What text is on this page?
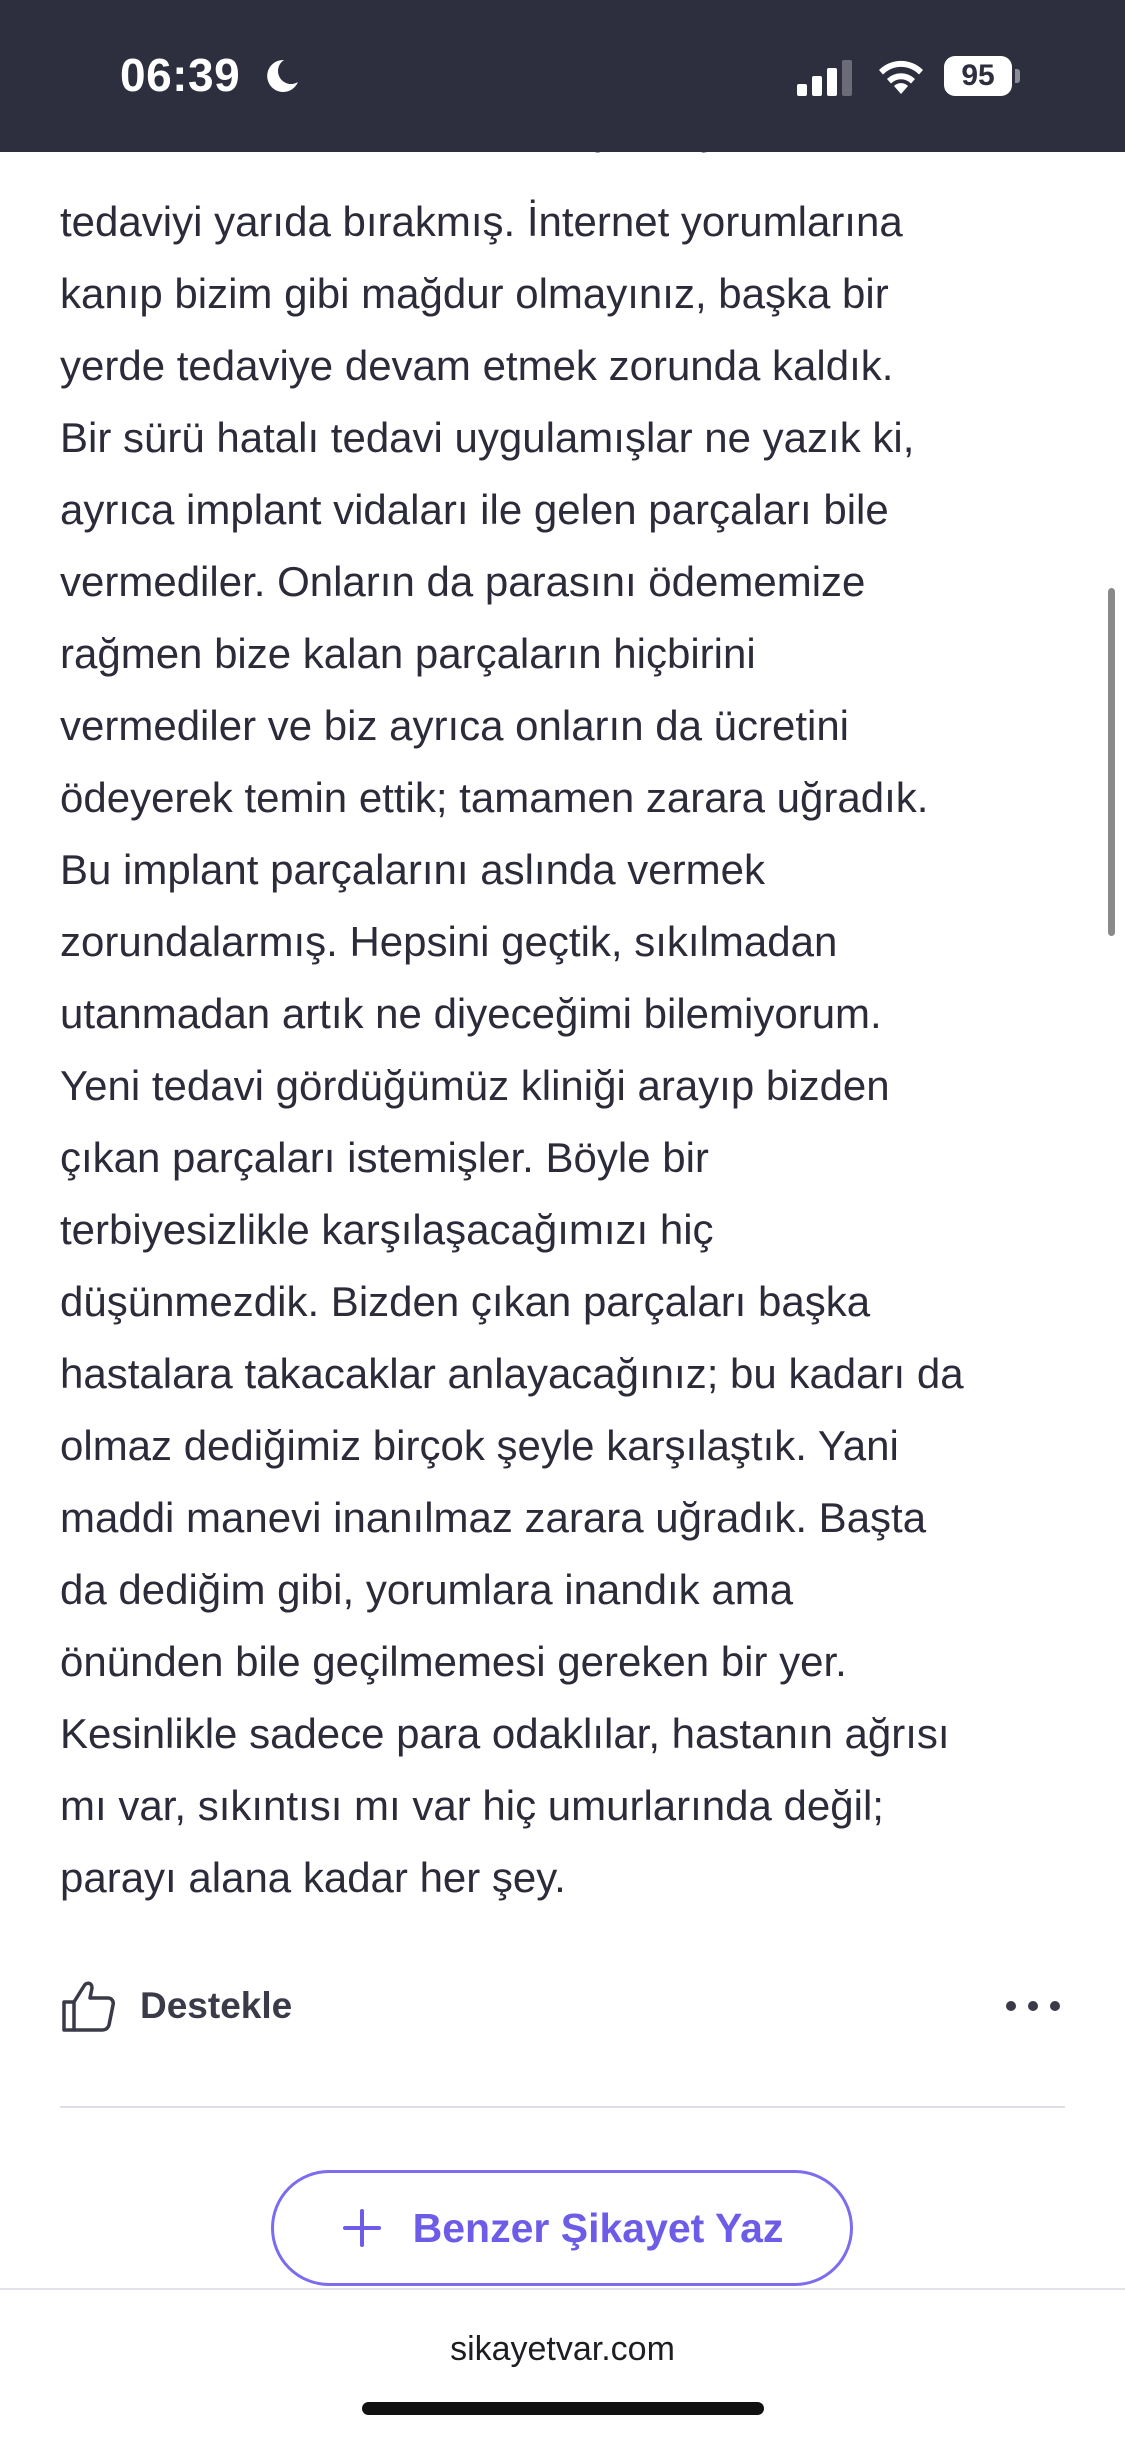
06:39	95
tedaviyi yarıda bırakmış. İnternet yorumlarına
kanıp bizim gibi mağdur olmayınız, başka bir
yerde tedaviye devam etmek zorunda kaldık.
Bir sürü hatalı tedavi uygulamışlar ne yazık ki,
ayrıca implant vidaları ile gelen parçaları bile
vermediler. Onların da parasını ödememize
rağmen bize kalan parçaların hiçbirini
vermediler ve biz ayrıca onların da ücretini
ödeyerek temin ettik; tamamen zarara uğradık.
Bu implant parçalarını aslında vermek
zorundalarmış. Hepsini geçtik, sıkılmadan
utanmadan artık ne diyeceğimi bilemiyorum.
Yeni tedavi gördüğümüz kliniği arayıp bizden
çıkan parçaları istemişler. Böyle bir
terbiyesizlikle karşılaşacağımızı hiç
düşünmezdik. Bizden çıkan parçaları başka
hastalara takacaklar anlayacağınız; bu kadarı da
olmaz dediğimiz birçok şeyle karşılaştık. Yani
maddi manevi inanılmaz zarara uğradık. Başta
da dediğim gibi, yorumlara inandık ama
önünden bile geçilmemesi gereken bir yer.
Kesinlikle sadece para odaklılar, hastanın ağrısı
mı var, sıkıntısı mı var hiç umurlarında değil;
parayı alana kadar her şey.
Destekle
Benzer Şikayet Yaz
sikayetvar.com
